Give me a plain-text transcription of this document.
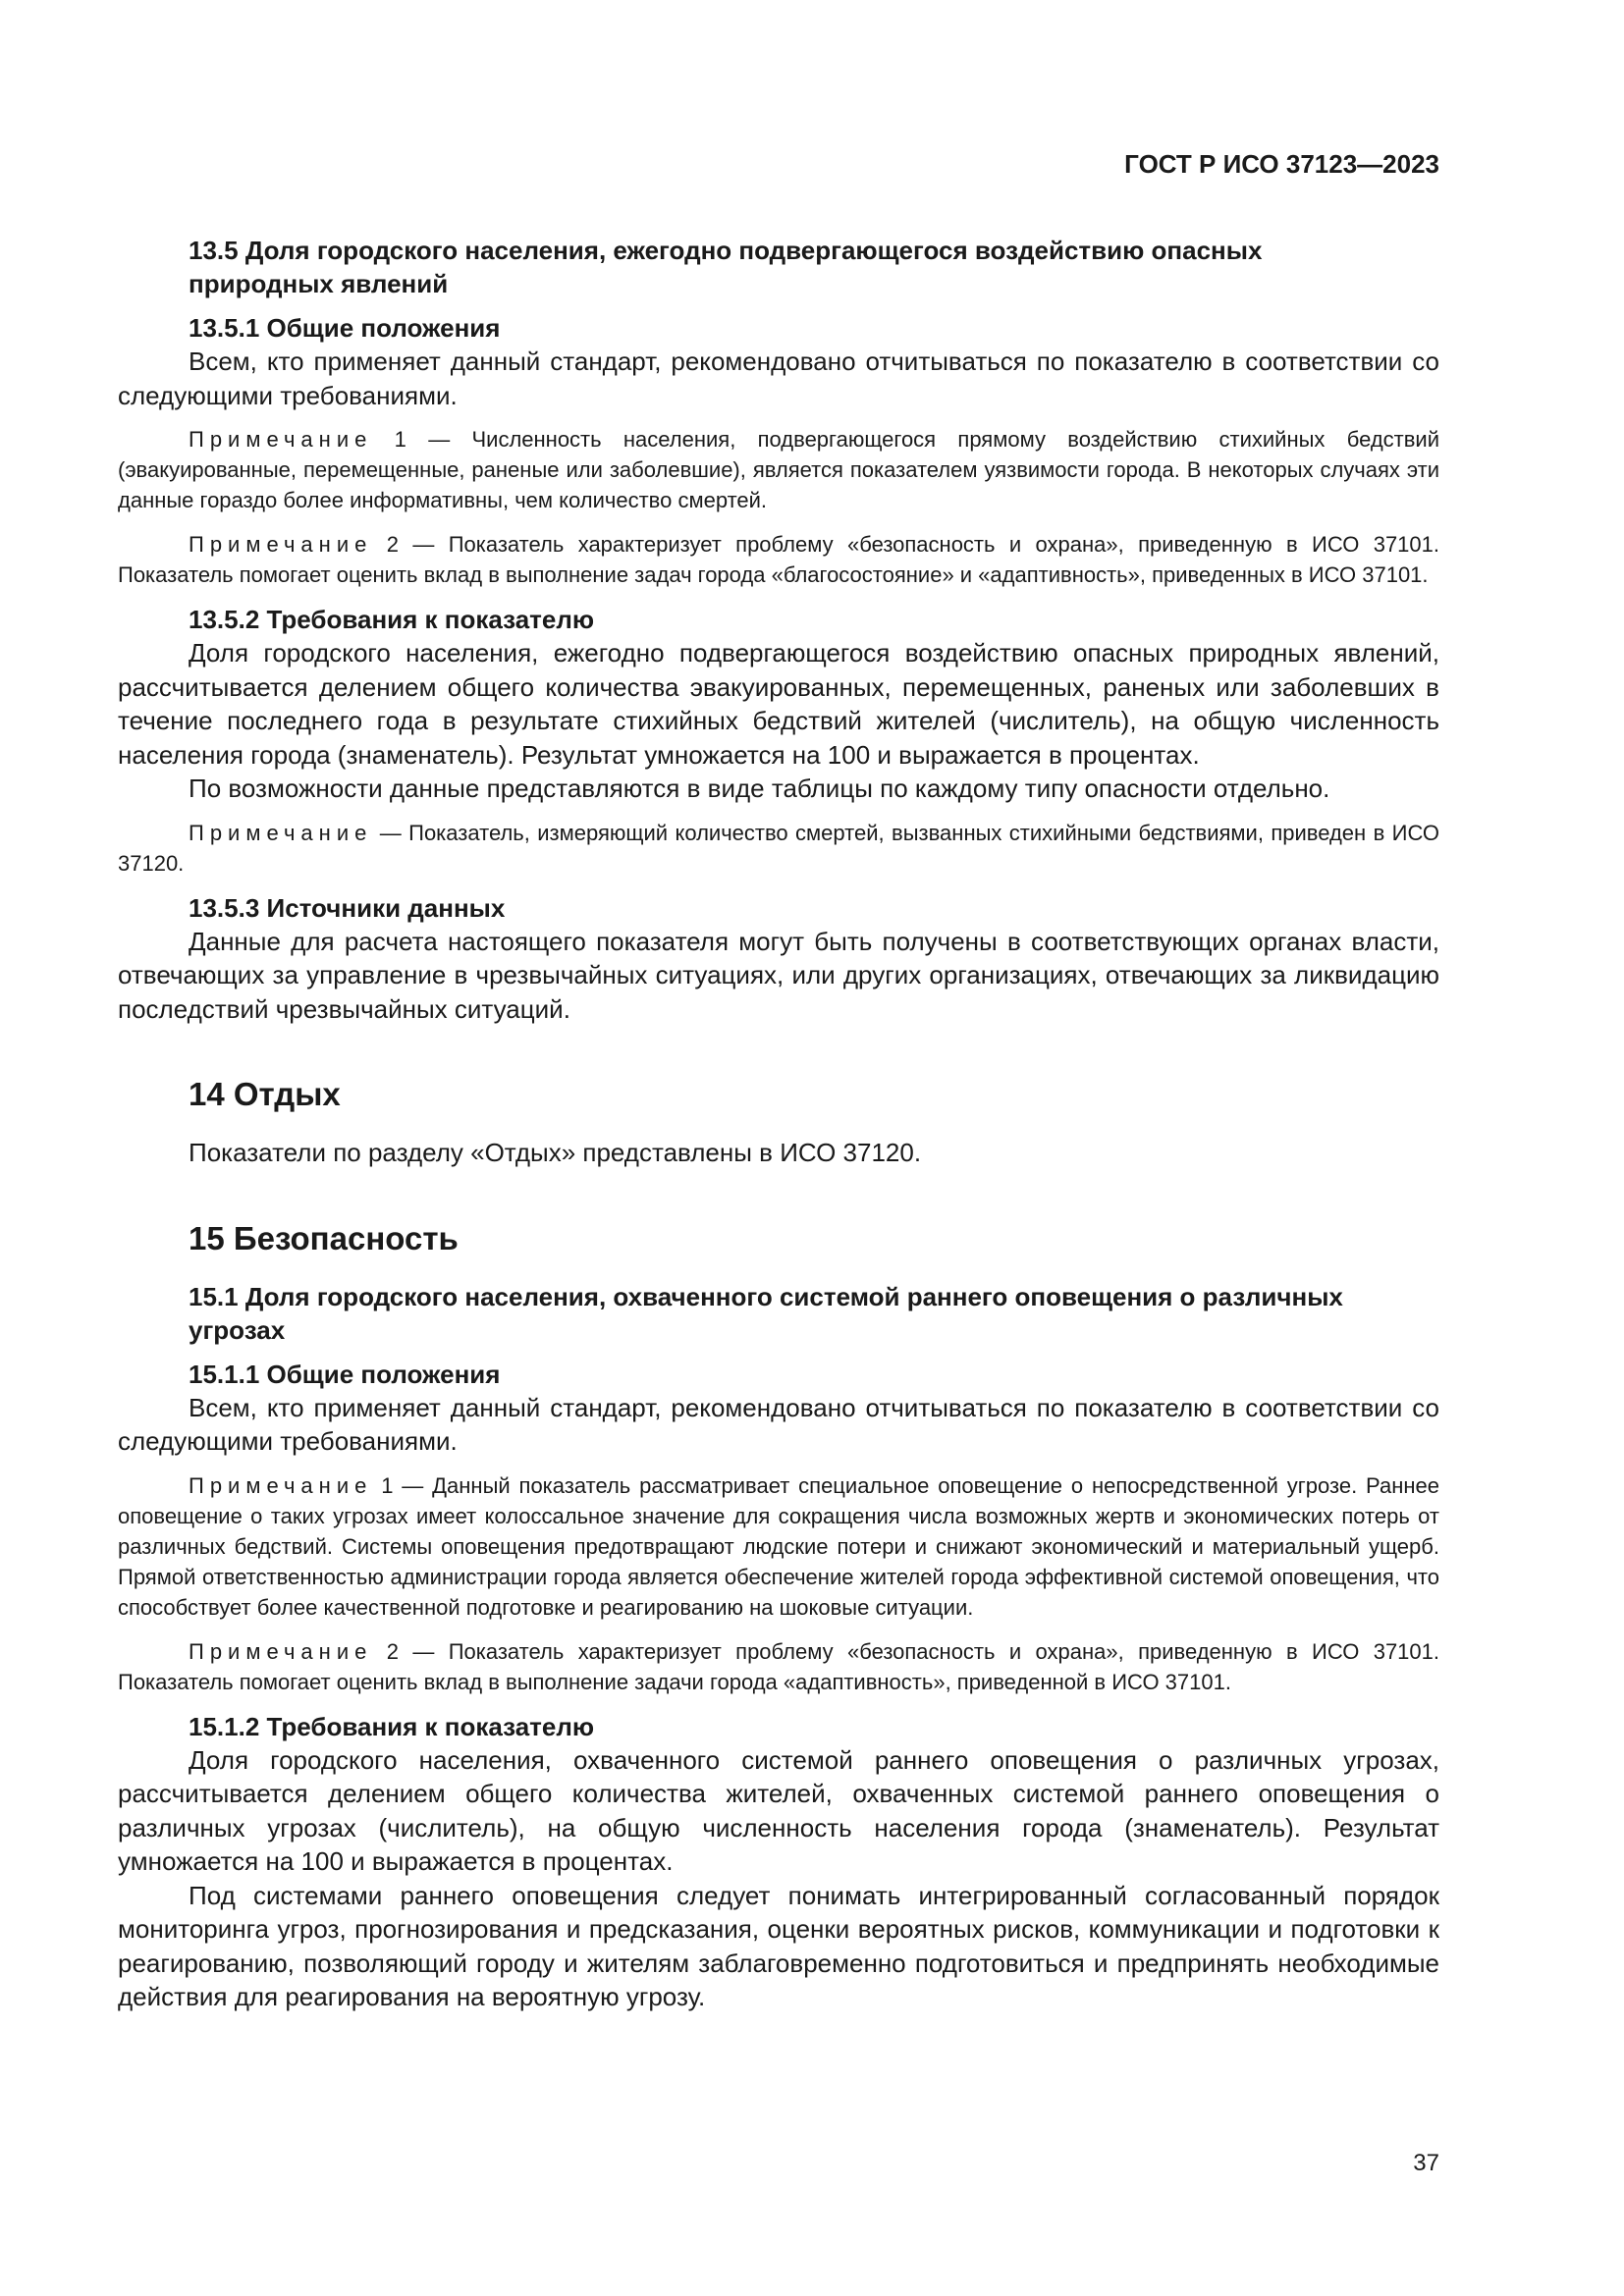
ГОСТ Р ИСО 37123—2023
13.5 Доля городского населения, ежегодно подвергающегося воздействию опасных
природных явлений
13.5.1 Общие положения

Всем, кто применяет данный стандарт, рекомендовано отчитываться по показателю в соответствии со следующими требованиями.

Примечание 1 — Численность населения, подвергающегося прямому воздействию стихийных бедствий (эвакуированные, перемещенные, раненые или заболевшие), является показателем уязвимости города. В некоторых случаях эти данные гораздо более информативны, чем количество смертей.

Примечание 2 — Показатель характеризует проблему «безопасность и охрана», приведенную в ИСО 37101. Показатель помогает оценить вклад в выполнение задач города «благосостояние» и «адаптивность», приведенных в ИСО 37101.

13.5.2 Требования к показателю

Доля городского населения, ежегодно подвергающегося воздействию опасных природных явлений, рассчитывается делением общего количества эвакуированных, перемещенных, раненых или заболевших в течение последнего года в результате стихийных бедствий жителей (числитель), на общую численность населения города (знаменатель). Результат умножается на 100 и выражается в процентах.

По возможности данные представляются в виде таблицы по каждому типу опасности отдельно.

Примечание — Показатель, измеряющий количество смертей, вызванных стихийными бедствиями, приведен в ИСО 37120.

13.5.3 Источники данных

Данные для расчета настоящего показателя могут быть получены в соответствующих органах власти, отвечающих за управление в чрезвычайных ситуациях, или других организациях, отвечающих за ликвидацию последствий чрезвычайных ситуаций.

14 Отдых

Показатели по разделу «Отдых» представлены в ИСО 37120.

15 Безопасность
15.1 Доля городского населения, охваченного системой раннего оповещения о различных
угрозах
15.1.1 Общие положения

Всем, кто применяет данный стандарт, рекомендовано отчитываться по показателю в соответствии со следующими требованиями.

Примечание 1 — Данный показатель рассматривает специальное оповещение о непосредственной угрозе. Раннее оповещение о таких угрозах имеет колоссальное значение для сокращения числа возможных жертв и экономических потерь от различных бедствий. Системы оповещения предотвращают людские потери и снижают экономический и материальный ущерб. Прямой ответственностью администрации города является обеспечение жителей города эффективной системой оповещения, что способствует более качественной подготовке и реагированию на шоковые ситуации.

Примечание 2 — Показатель характеризует проблему «безопасность и охрана», приведенную в ИСО 37101. Показатель помогает оценить вклад в выполнение задачи города «адаптивность», приведенной в ИСО 37101.

15.1.2 Требования к показателю

Доля городского населения, охваченного системой раннего оповещения о различных угрозах, рассчитывается делением общего количества жителей, охваченных системой раннего оповещения о различных угрозах (числитель), на общую численность населения города (знаменатель). Результат умножается на 100 и выражается в процентах.

Под системами раннего оповещения следует понимать интегрированный согласованный порядок мониторинга угроз, прогнозирования и предсказания, оценки вероятных рисков, коммуникации и подготовки к реагированию, позволяющий городу и жителям заблаговременно подготовиться и предпринять необходимые действия для реагирования на вероятную угрозу.

37
